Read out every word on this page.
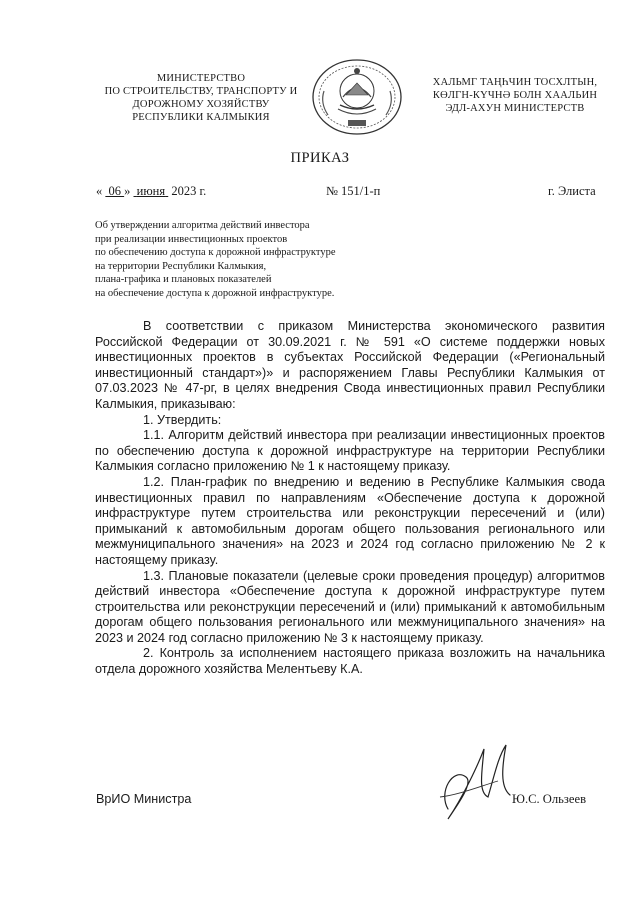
МИНИСТЕРСТВО
ПО СТРОИТЕЛЬСТВУ, ТРАНСПОРТУ И
ДОРОЖНОМУ ХОЗЯЙСТВУ
РЕСПУБЛИКИ КАЛМЫКИЯ
ХАЛЬМГ ТАҢҺЧИН ТОСХЛТЫН,
КӨЛГН-КҮЧНӘ БОЛН ХААЛЬИН
ЭДЛ-АХУН МИНИСТЕРСТВ
ПРИКАЗ
« 06 » июня 2023 г.	№ 151/1-п	г. Элиста
Об утверждении алгоритма действий инвестора
при реализации инвестиционных проектов
по обеспечению доступа к дорожной инфраструктуре
на территории Республики Калмыкия,
плана-графика и плановых показателей
на обеспечение доступа к дорожной инфраструктуре.

В соответствии с приказом Министерства экономического развития Российской Федерации от 30.09.2021 г. № 591 «О системе поддержки новых инвестиционных проектов в субъектах Российской Федерации («Региональный инвестиционный стандарт»)» и распоряжением Главы Республики Калмыкия от 07.03.2023 № 47-рг, в целях внедрения Свода инвестиционных правил Республики Калмыкия, приказываю:

1. Утвердить:

1.1. Алгоритм действий инвестора при реализации инвестиционных проектов по обеспечению доступа к дорожной инфраструктуре на территории Республики Калмыкия согласно приложению № 1 к настоящему приказу.

1.2. План-график по внедрению и ведению в Республике Калмыкия свода инвестиционных правил по направлениям «Обеспечение доступа к дорожной инфраструктуре путем строительства или реконструкции пересечений и (или) примыканий к автомобильным дорогам общего пользования регионального или межмуниципального значения» на 2023 и 2024 год согласно приложению № 2 к настоящему приказу.

1.3. Плановые показатели (целевые сроки проведения процедур) алгоритмов действий инвестора «Обеспечение доступа к дорожной инфраструктуре путем строительства или реконструкции пересечений и (или) примыканий к автомобильным дорогам общего пользования регионального или межмуниципального значения» на 2023 и 2024 год согласно приложению № 3 к настоящему приказу.

2. Контроль за исполнением настоящего приказа возложить на начальника отдела дорожного хозяйства Мелентьеву К.А.

ВрИО Министра	Ю.С. Ользеев
